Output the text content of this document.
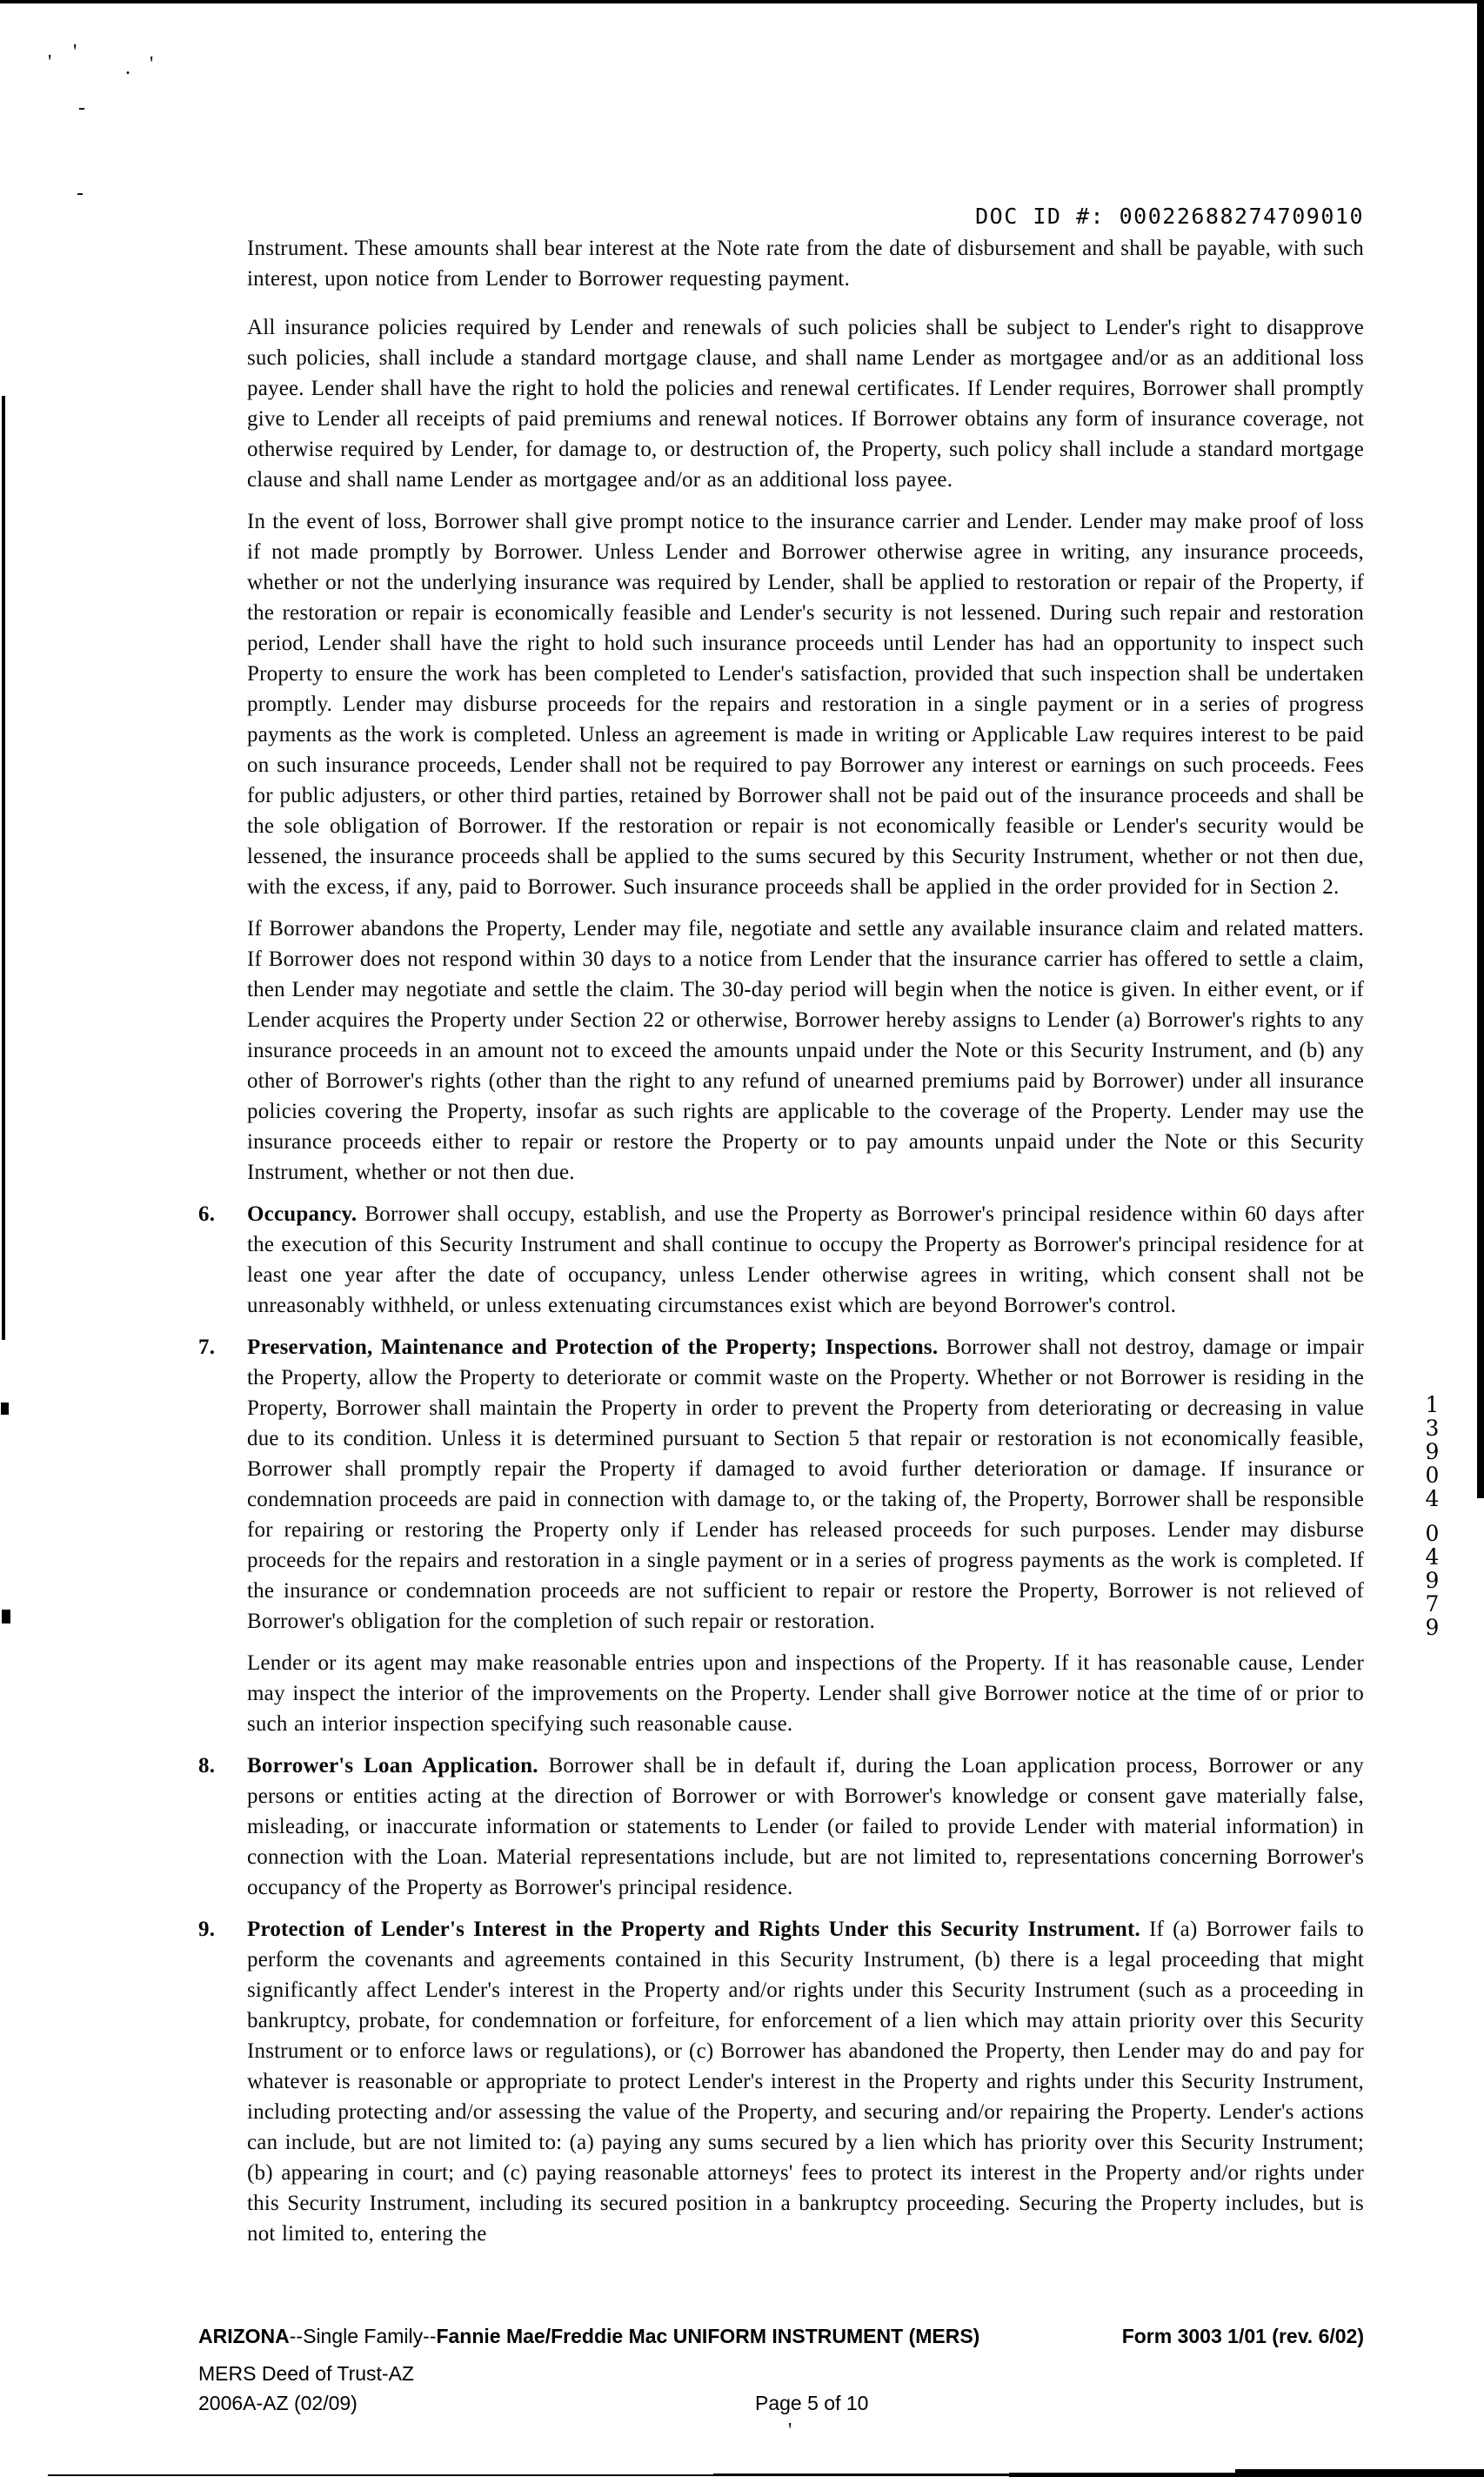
'
'	. '
-
-
'
DOC ID #: 00022688274709010
13904
04979

Instrument. These amounts shall bear interest at the Note rate from the date of disbursement and shall be payable, with such interest, upon notice from Lender to Borrower requesting payment.

All insurance policies required by Lender and renewals of such policies shall be subject to Lender's right to disapprove such policies, shall include a standard mortgage clause, and shall name Lender as mortgagee and/or as an additional loss payee. Lender shall have the right to hold the policies and renewal certificates. If Lender requires, Borrower shall promptly give to Lender all receipts of paid premiums and renewal notices. If Borrower obtains any form of insurance coverage, not otherwise required by Lender, for damage to, or destruction of, the Property, such policy shall include a standard mortgage clause and shall name Lender as mortgagee and/or as an additional loss payee.

In the event of loss, Borrower shall give prompt notice to the insurance carrier and Lender. Lender may make proof of loss if not made promptly by Borrower. Unless Lender and Borrower otherwise agree in writing, any insurance proceeds, whether or not the underlying insurance was required by Lender, shall be applied to restoration or repair of the Property, if the restoration or repair is economically feasible and Lender's security is not lessened. During such repair and restoration period, Lender shall have the right to hold such insurance proceeds until Lender has had an opportunity to inspect such Property to ensure the work has been completed to Lender's satisfaction, provided that such inspection shall be undertaken promptly. Lender may disburse proceeds for the repairs and restoration in a single payment or in a series of progress payments as the work is completed. Unless an agreement is made in writing or Applicable Law requires interest to be paid on such insurance proceeds, Lender shall not be required to pay Borrower any interest or earnings on such proceeds. Fees for public adjusters, or other third parties, retained by Borrower shall not be paid out of the insurance proceeds and shall be the sole obligation of Borrower. If the restoration or repair is not economically feasible or Lender's security would be lessened, the insurance proceeds shall be applied to the sums secured by this Security Instrument, whether or not then due, with the excess, if any, paid to Borrower. Such insurance proceeds shall be applied in the order provided for in Section 2.

If Borrower abandons the Property, Lender may file, negotiate and settle any available insurance claim and related matters. If Borrower does not respond within 30 days to a notice from Lender that the insurance carrier has offered to settle a claim, then Lender may negotiate and settle the claim. The 30-day period will begin when the notice is given. In either event, or if Lender acquires the Property under Section 22 or otherwise, Borrower hereby assigns to Lender (a) Borrower's rights to any insurance proceeds in an amount not to exceed the amounts unpaid under the Note or this Security Instrument, and (b) any other of Borrower's rights (other than the right to any refund of unearned premiums paid by Borrower) under all insurance policies covering the Property, insofar as such rights are applicable to the coverage of the Property. Lender may use the insurance proceeds either to repair or restore the Property or to pay amounts unpaid under the Note or this Security Instrument, whether or not then due.

6. Occupancy. Borrower shall occupy, establish, and use the Property as Borrower's principal residence within 60 days after the execution of this Security Instrument and shall continue to occupy the Property as Borrower's principal residence for at least one year after the date of occupancy, unless Lender otherwise agrees in writing, which consent shall not be unreasonably withheld, or unless extenuating circumstances exist which are beyond Borrower's control.

7. Preservation, Maintenance and Protection of the Property; Inspections. Borrower shall not destroy, damage or impair the Property, allow the Property to deteriorate or commit waste on the Property. Whether or not Borrower is residing in the Property, Borrower shall maintain the Property in order to prevent the Property from deteriorating or decreasing in value due to its condition. Unless it is determined pursuant to Section 5 that repair or restoration is not economically feasible, Borrower shall promptly repair the Property if damaged to avoid further deterioration or damage. If insurance or condemnation proceeds are paid in connection with damage to, or the taking of, the Property, Borrower shall be responsible for repairing or restoring the Property only if Lender has released proceeds for such purposes. Lender may disburse proceeds for the repairs and restoration in a single payment or in a series of progress payments as the work is completed. If the insurance or condemnation proceeds are not sufficient to repair or restore the Property, Borrower is not relieved of Borrower's obligation for the completion of such repair or restoration.

Lender or its agent may make reasonable entries upon and inspections of the Property. If it has reasonable cause, Lender may inspect the interior of the improvements on the Property. Lender shall give Borrower notice at the time of or prior to such an interior inspection specifying such reasonable cause.

8. Borrower's Loan Application. Borrower shall be in default if, during the Loan application process, Borrower or any persons or entities acting at the direction of Borrower or with Borrower's knowledge or consent gave materially false, misleading, or inaccurate information or statements to Lender (or failed to provide Lender with material information) in connection with the Loan. Material representations include, but are not limited to, representations concerning Borrower's occupancy of the Property as Borrower's principal residence.

9. Protection of Lender's Interest in the Property and Rights Under this Security Instrument. If (a) Borrower fails to perform the covenants and agreements contained in this Security Instrument, (b) there is a legal proceeding that might significantly affect Lender's interest in the Property and/or rights under this Security Instrument (such as a proceeding in bankruptcy, probate, for condemnation or forfeiture, for enforcement of a lien which may attain priority over this Security Instrument or to enforce laws or regulations), or (c) Borrower has abandoned the Property, then Lender may do and pay for whatever is reasonable or appropriate to protect Lender's interest in the Property and rights under this Security Instrument, including protecting and/or assessing the value of the Property, and securing and/or repairing the Property. Lender's actions can include, but are not limited to: (a) paying any sums secured by a lien which has priority over this Security Instrument; (b) appearing in court; and (c) paying reasonable attorneys' fees to protect its interest in the Property and/or rights under this Security Instrument, including its secured position in a bankruptcy proceeding. Securing the Property includes, but is not limited to, entering the

ARIZONA--Single Family--Fannie Mae/Freddie Mac UNIFORM INSTRUMENT (MERS)	Form 3003 1/01 (rev. 6/02)
MERS Deed of Trust-AZ
2006A-AZ (02/09)	Page 5 of 10
